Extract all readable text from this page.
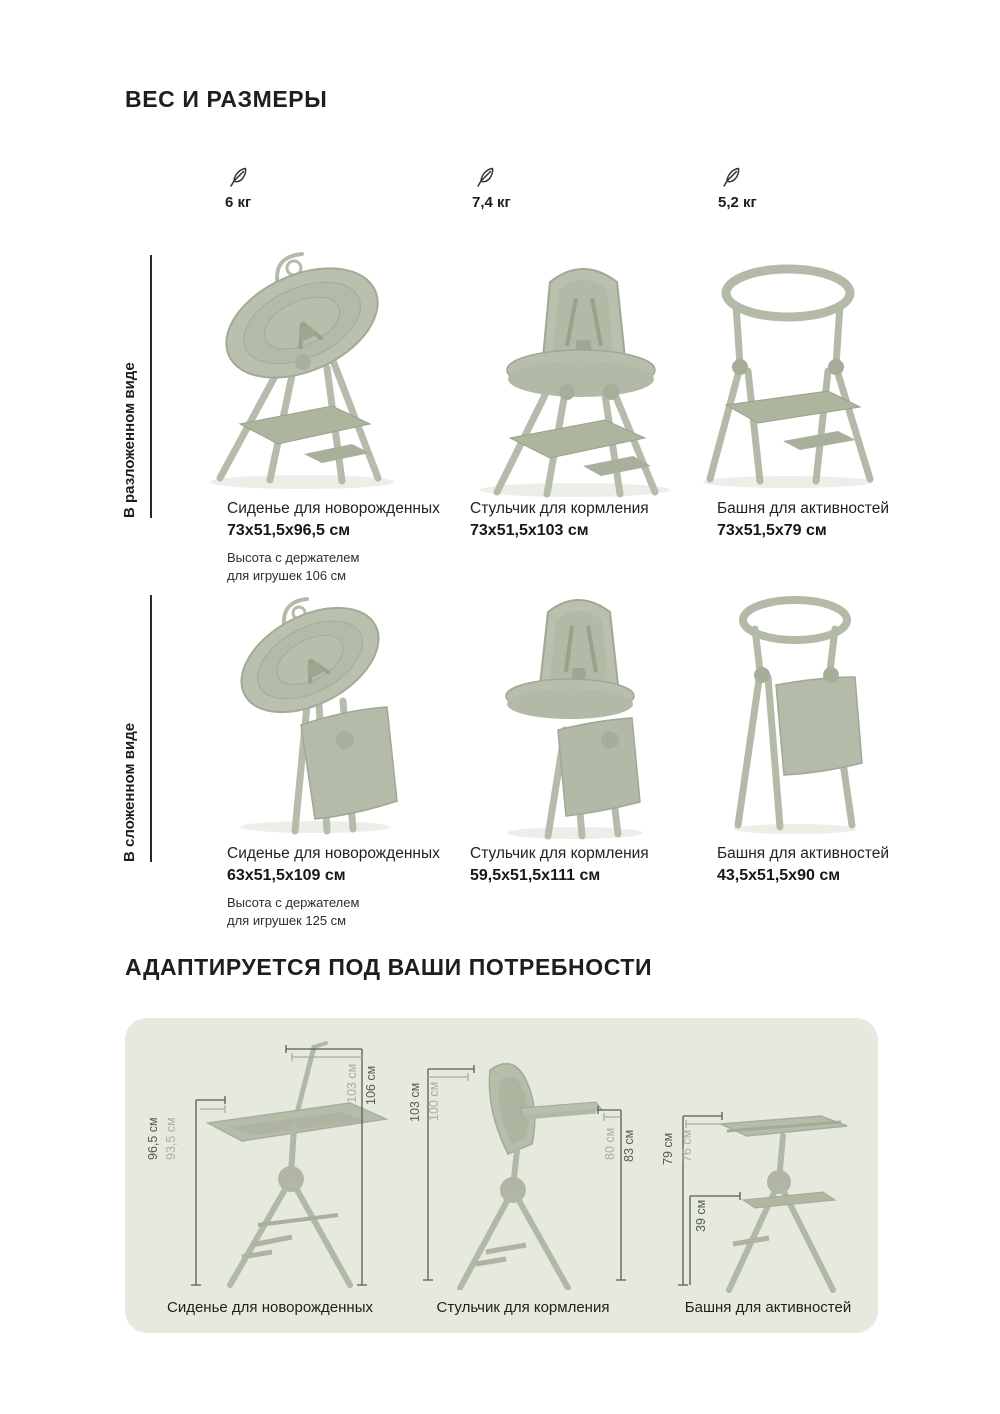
ВЕС И РАЗМЕРЫ
6 кг	7,4 кг	5,2 кг
В разложенном виде
В сложенном виде
Сиденье для новорожденных
73х51,5х96,5 см
Высота с держателем
для игрушек 106 см
Стульчик для кормления
73х51,5х103 см
Башня для активностей
73х51,5х79 см
Сиденье для новорожденных
63х51,5х109 см
Высота с держателем
для игрушек 125 см
Стульчик для кормления
59,5х51,5х111 см
Башня для активностей
43,5х51,5х90 см
АДАПТИРУЕТСЯ ПОД ВАШИ ПОТРЕБНОСТИ
96,5 см 93,5 см
103 см 106 см 103 см 100 см
80 см 83 см 79 см 76 см
39 см
Сиденье для новорожденных	Стульчик для кормления	Башня для активностей
